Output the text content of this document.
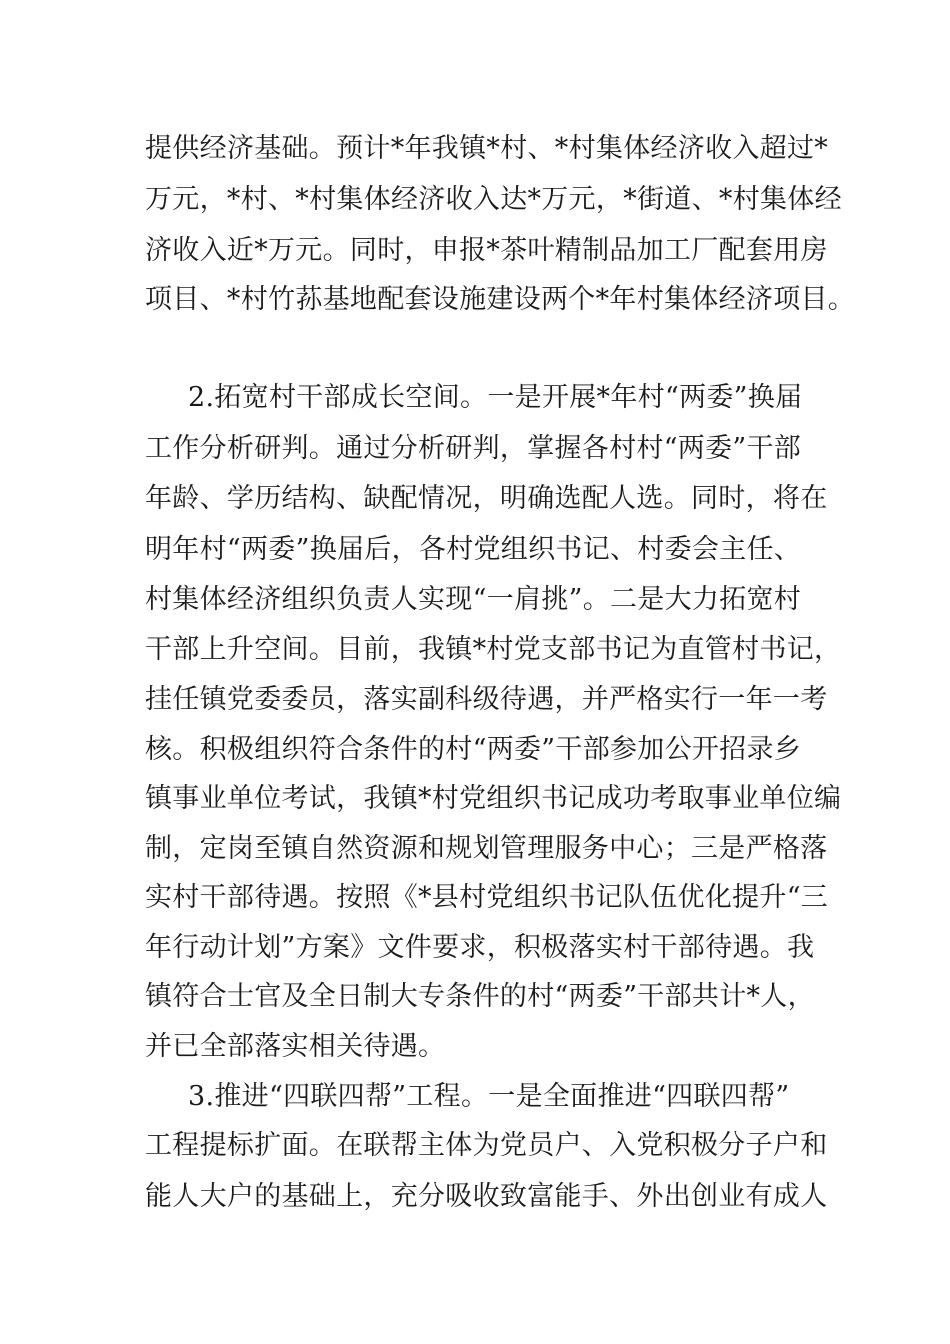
提供经济基础。预计*年我镇*村、*村集体经济收入超过*
万元，*村、*村集体经济收入达*万元，*街道、*村集体经
济收入近*万元。同时，申报*茶叶精制品加工厂配套用房
项目、*村竹荪基地配套设施建设两个*年村集体经济项目。
2.拓宽村干部成长空间。一是开展*年村“两委”换届
工作分析研判。通过分析研判，掌握各村村“两委”干部
年龄、学历结构、缺配情况，明确选配人选。同时，将在
明年村“两委”换届后，各村党组织书记、村委会主任、
村集体经济组织负责人实现“一肩挑”。二是大力拓宽村
干部上升空间。目前，我镇*村党支部书记为直管村书记，
挂任镇党委委员，落实副科级待遇，并严格实行一年一考
核。积极组织符合条件的村“两委”干部参加公开招录乡
镇事业单位考试，我镇*村党组织书记成功考取事业单位编
制，定岗至镇自然资源和规划管理服务中心；三是严格落
实村干部待遇。按照《*县村党组织书记队伍优化提升“三
年行动计划”方案》文件要求，积极落实村干部待遇。我
镇符合士官及全日制大专条件的村“两委”干部共计*人，
并已全部落实相关待遇。
3.推进“四联四帮”工程。一是全面推进“四联四帮”
工程提标扩面。在联帮主体为党员户、入党积极分子户和
能人大户的基础上，充分吸收致富能手、外出创业有成人
